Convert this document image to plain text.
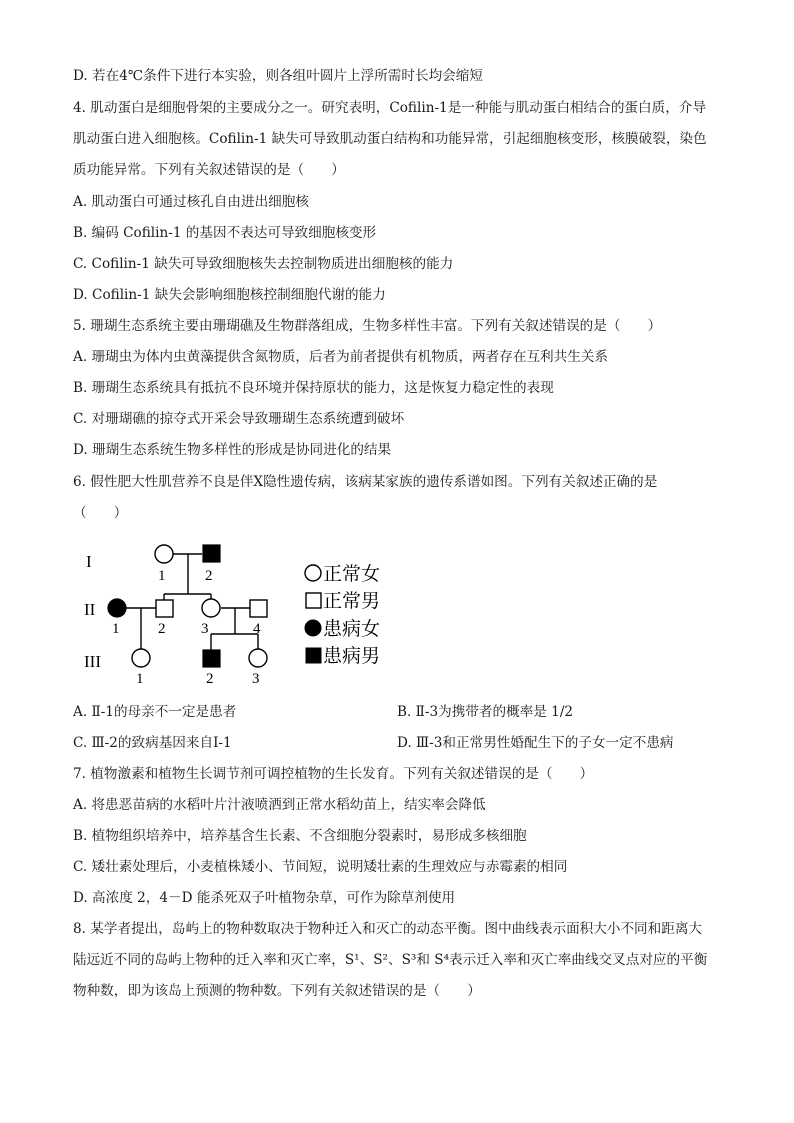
D. 若在4℃条件下进行本实验，则各组叶圆片上浮所需时长均会缩短
4. 肌动蛋白是细胞骨架的主要成分之一。研究表明，Cofilin-1是一种能与肌动蛋白相结合的蛋白质，介导
肌动蛋白进入细胞核。Cofilin-1 缺失可导致肌动蛋白结构和功能异常，引起细胞核变形，核膜破裂，染色
质功能异常。下列有关叙述错误的是（　　）
A. 肌动蛋白可通过核孔自由进出细胞核
B. 编码 Cofilin-1 的基因不表达可导致细胞核变形
C. Cofilin-1 缺失可导致细胞核失去控制物质进出细胞核的能力
D. Cofilin-1 缺失会影响细胞核控制细胞代谢的能力
5. 珊瑚生态系统主要由珊瑚礁及生物群落组成，生物多样性丰富。下列有关叙述错误的是（　　）
A. 珊瑚虫为体内虫黄藻提供含氮物质，后者为前者提供有机物质，两者存在互利共生关系
B. 珊瑚生态系统具有抵抗不良环境并保持原状的能力，这是恢复力稳定性的表现
C. 对珊瑚礁的掠夺式开采会导致珊瑚生态系统遭到破坏
D. 珊瑚生态系统生物多样性的形成是协同进化的结果
6. 假性肥大性肌营养不良是伴X隐性遗传病，该病某家族的遗传系谱如图。下列有关叙述正确的是
（　　）
I
II
III
1	2
1	2 3	4
1	2	3
正常女
正常男
患病女
患病男
A. Ⅱ-1的母亲不一定是患者	B. Ⅱ-3为携带者的概率是 1/2
C. Ⅲ-2的致病基因来自Ⅰ-1	D. Ⅲ-3和正常男性婚配生下的子女一定不患病
7. 植物激素和植物生长调节剂可调控植物的生长发育。下列有关叙述错误的是（　　）
A. 将患恶苗病的水稻叶片汁液喷洒到正常水稻幼苗上，结实率会降低
B. 植物组织培养中，培养基含生长素、不含细胞分裂素时，易形成多核细胞
C. 矮壮素处理后，小麦植株矮小、节间短，说明矮壮素的生理效应与赤霉素的相同
D. 高浓度 2，4－D 能杀死双子叶植物杂草，可作为除草剂使用
8. 某学者提出，岛屿上的物种数取决于物种迁入和灭亡的动态平衡。图中曲线表示面积大小不同和距离大
陆远近不同的岛屿上物种的迁入率和灭亡率，S¹、S²、S³和 S⁴表示迁入率和灭亡率曲线交叉点对应的平衡
物种数，即为该岛上预测的物种数。下列有关叙述错误的是（　　）
